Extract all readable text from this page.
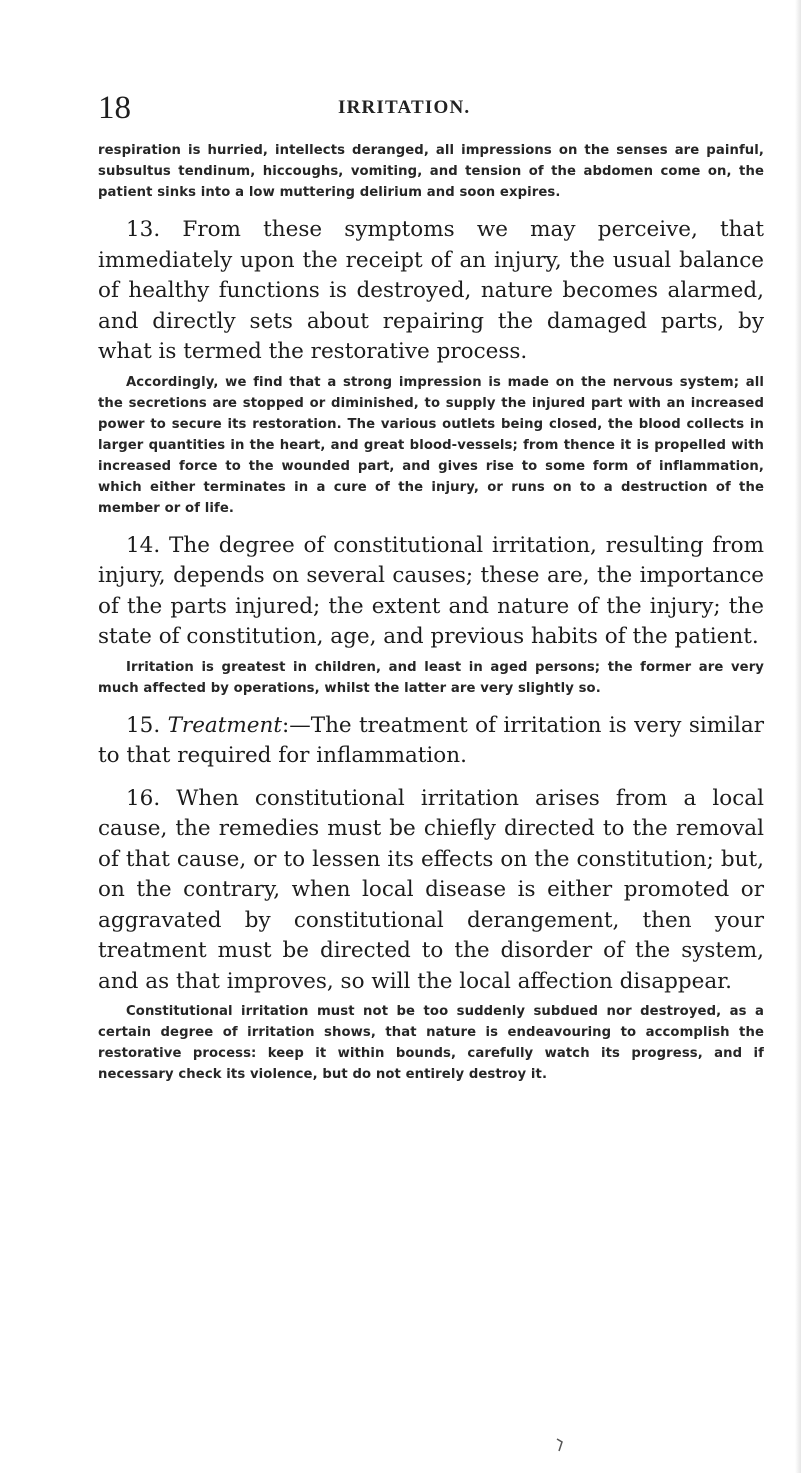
18	IRRITATION.

respiration is hurried, intellects deranged, all impressions on the senses are painful, subsultus tendinum, hiccoughs, vomiting, and tension of the abdomen come on, the patient sinks into a low muttering delirium and soon expires.

13. From these symptoms we may perceive, that immediately upon the receipt of an injury, the usual balance of healthy functions is destroyed, nature becomes alarmed, and directly sets about repairing the damaged parts, by what is termed the restorative process.

Accordingly, we find that a strong impression is made on the nervous system; all the secretions are stopped or diminished, to supply the injured part with an increased power to secure its restoration. The various outlets being closed, the blood collects in larger quantities in the heart, and great blood-vessels; from thence it is propelled with increased force to the wounded part, and gives rise to some form of inflammation, which either terminates in a cure of the injury, or runs on to a destruction of the member or of life.

14. The degree of constitutional irritation, resulting from injury, depends on several causes; these are, the importance of the parts injured; the extent and nature of the injury; the state of constitution, age, and previous habits of the patient.

Irritation is greatest in children, and least in aged persons; the former are very much affected by operations, whilst the latter are very slightly so.

15. Treatment:—The treatment of irritation is very similar to that required for inflammation.

16. When constitutional irritation arises from a local cause, the remedies must be chiefly directed to the removal of that cause, or to lessen its effects on the constitution; but, on the contrary, when local disease is either promoted or aggravated by constitutional derangement, then your treatment must be directed to the disorder of the system, and as that improves, so will the local affection disappear.

Constitutional irritation must not be too suddenly subdued nor destroyed, as a certain degree of irritation shows, that nature is endeavouring to accomplish the restorative process: keep it within bounds, carefully watch its progress, and if necessary check its violence, but do not entirely destroy it.
